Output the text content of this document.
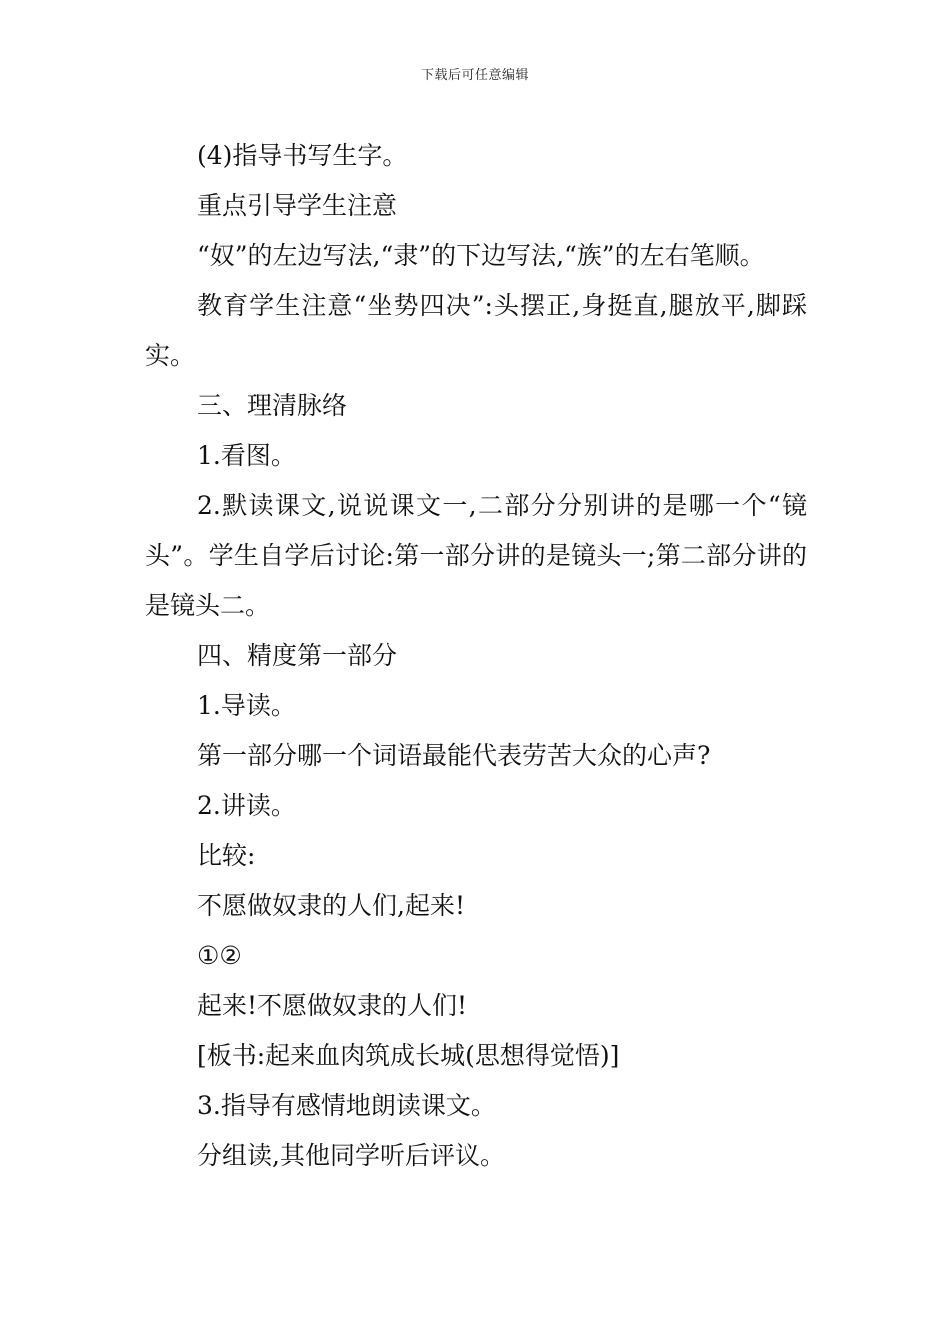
下载后可任意编辑

(4)指导书写生字。

重点引导学生注意

“奴”的左边写法,“隶”的下边写法,“族”的左右笔顺。

教育学生注意“坐势四决”:头摆正,身挺直,腿放平,脚踩实。

三、理清脉络

1.看图。

2.默读课文,说说课文一,二部分分别讲的是哪一个“镜头”。学生自学后讨论:第一部分讲的是镜头一;第二部分讲的是镜头二。

四、精度第一部分

1.导读。

第一部分哪一个词语最能代表劳苦大众的心声?

2.讲读。

比较:

不愿做奴隶的人们,起来!

①②

起来!不愿做奴隶的人们!

[板书:起来血肉筑成长城(思想得觉悟)]

3.指导有感情地朗读课文。

分组读,其他同学听后评议。
